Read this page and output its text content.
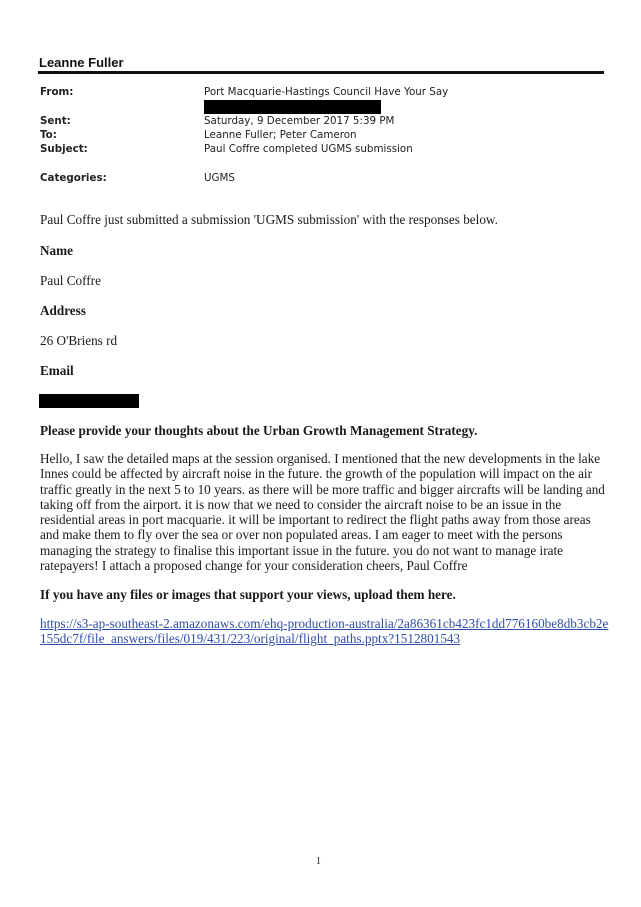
Leanne Fuller
From:	Port Macquarie-Hastings Council Have Your Say
Sent:	Saturday, 9 December 2017 5:39 PM
To:	Leanne Fuller; Peter Cameron
Subject:	Paul Coffre completed UGMS submission
Categories:	UGMS
Paul Coffre just submitted a submission 'UGMS submission' with the responses below.
Name
Paul Coffre
Address
26 O'Briens rd
Email
Please provide your thoughts about the Urban Growth Management Strategy.

Hello, I saw the detailed maps at the session organised. I mentioned that the new developments in the lake Innes could be affected by aircraft noise in the future. the growth of the population will impact on the air traffic greatly in the next 5 to 10 years. as there will be more traffic and bigger aircrafts will be landing and taking off from the airport. it is now that we need to consider the aircraft noise to be an issue in the residential areas in port macquarie. it will be important to redirect the flight paths away from those areas and make them to fly over the sea or over non populated areas. I am eager to meet with the persons managing the strategy to finalise this important issue in the future. you do not want to manage irate ratepayers! I attach a proposed change for your consideration cheers, Paul Coffre

If you have any files or images that support your views, upload them here.

https://s3-ap-southeast-2.amazonaws.com/ehq-production-australia/2a86361cb423fc1dd776160be8db3cb2e155dc7f/file_answers/files/019/431/223/original/flight_paths.pptx?1512801543

1
